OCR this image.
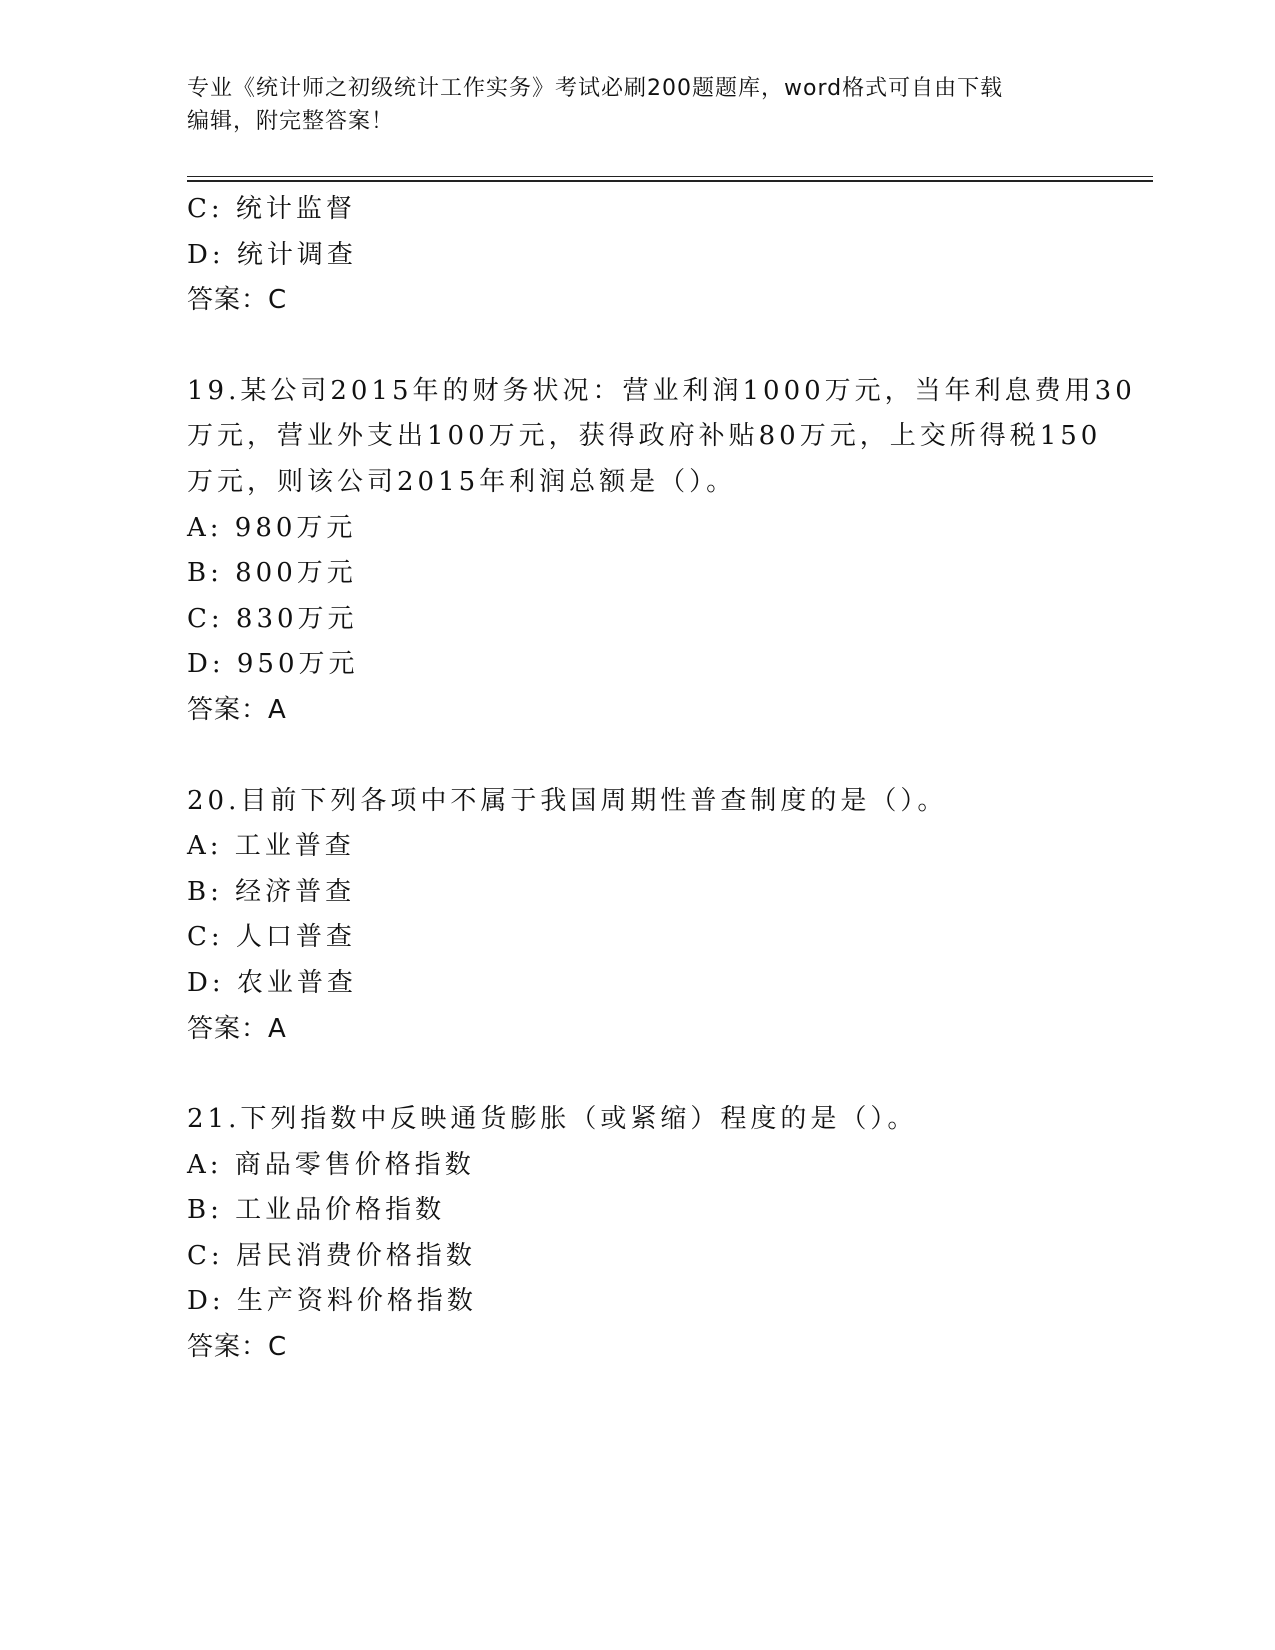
专业《统计师之初级统计工作实务》考试必刷200题题库，word格式可自由下载
编辑，附完整答案！
C: 统计监督
D: 统计调查
答案：C
19.某公司2015年的财务状况：营业利润1000万元，当年利息费用30
万元，营业外支出100万元，获得政府补贴80万元，上交所得税150
万元，则该公司2015年利润总额是（）。
A: 980万元
B: 800万元
C: 830万元
D: 950万元
答案：A
20.目前下列各项中不属于我国周期性普查制度的是（）。
A: 工业普查
B: 经济普查
C: 人口普查
D: 农业普查
答案：A
21.下列指数中反映通货膨胀（或紧缩）程度的是（）。
A: 商品零售价格指数
B: 工业品价格指数
C: 居民消费价格指数
D: 生产资料价格指数
答案：C
